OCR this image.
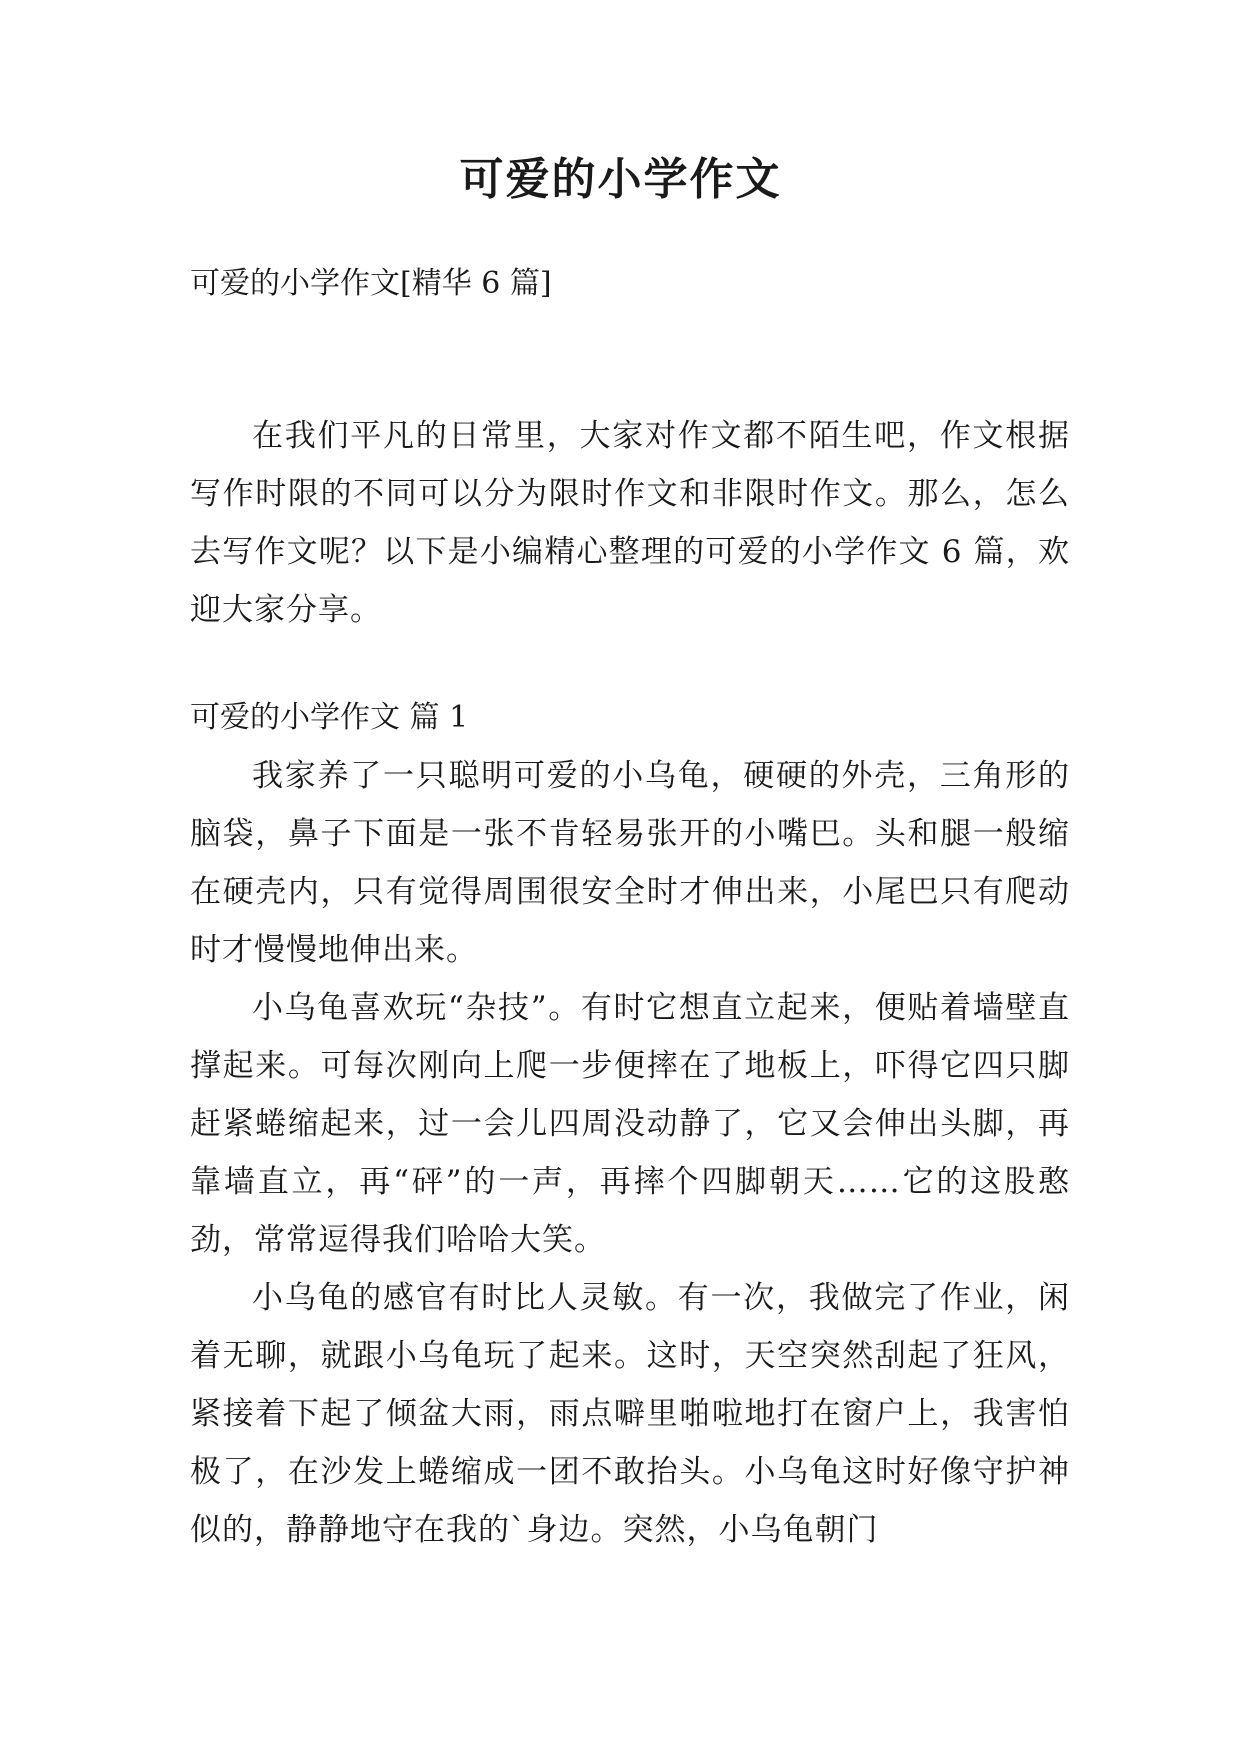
可爱的小学作文

可爱的小学作文[精华 6 篇]

在我们平凡的日常里，大家对作文都不陌生吧，作文根据写作时限的不同可以分为限时作文和非限时作文。那么，怎么去写作文呢？以下是小编精心整理的可爱的小学作文 6 篇，欢迎大家分享。

可爱的小学作文 篇 1

我家养了一只聪明可爱的小乌龟，硬硬的外壳，三角形的脑袋，鼻子下面是一张不肯轻易张开的小嘴巴。头和腿一般缩在硬壳内，只有觉得周围很安全时才伸出来，小尾巴只有爬动时才慢慢地伸出来。

小乌龟喜欢玩“杂技”。有时它想直立起来，便贴着墙壁直撑起来。可每次刚向上爬一步便摔在了地板上，吓得它四只脚赶紧蜷缩起来，过一会儿四周没动静了，它又会伸出头脚，再靠墙直立，再“砰”的一声，再摔个四脚朝天……它的这股憨劲，常常逗得我们哈哈大笑。

小乌龟的感官有时比人灵敏。有一次，我做完了作业，闲着无聊，就跟小乌龟玩了起来。这时，天空突然刮起了狂风，紧接着下起了倾盆大雨，雨点噼里啪啦地打在窗户上，我害怕极了，在沙发上蜷缩成一团不敢抬头。小乌龟这时好像守护神似的，静静地守在我的`身边。突然，小乌龟朝门
